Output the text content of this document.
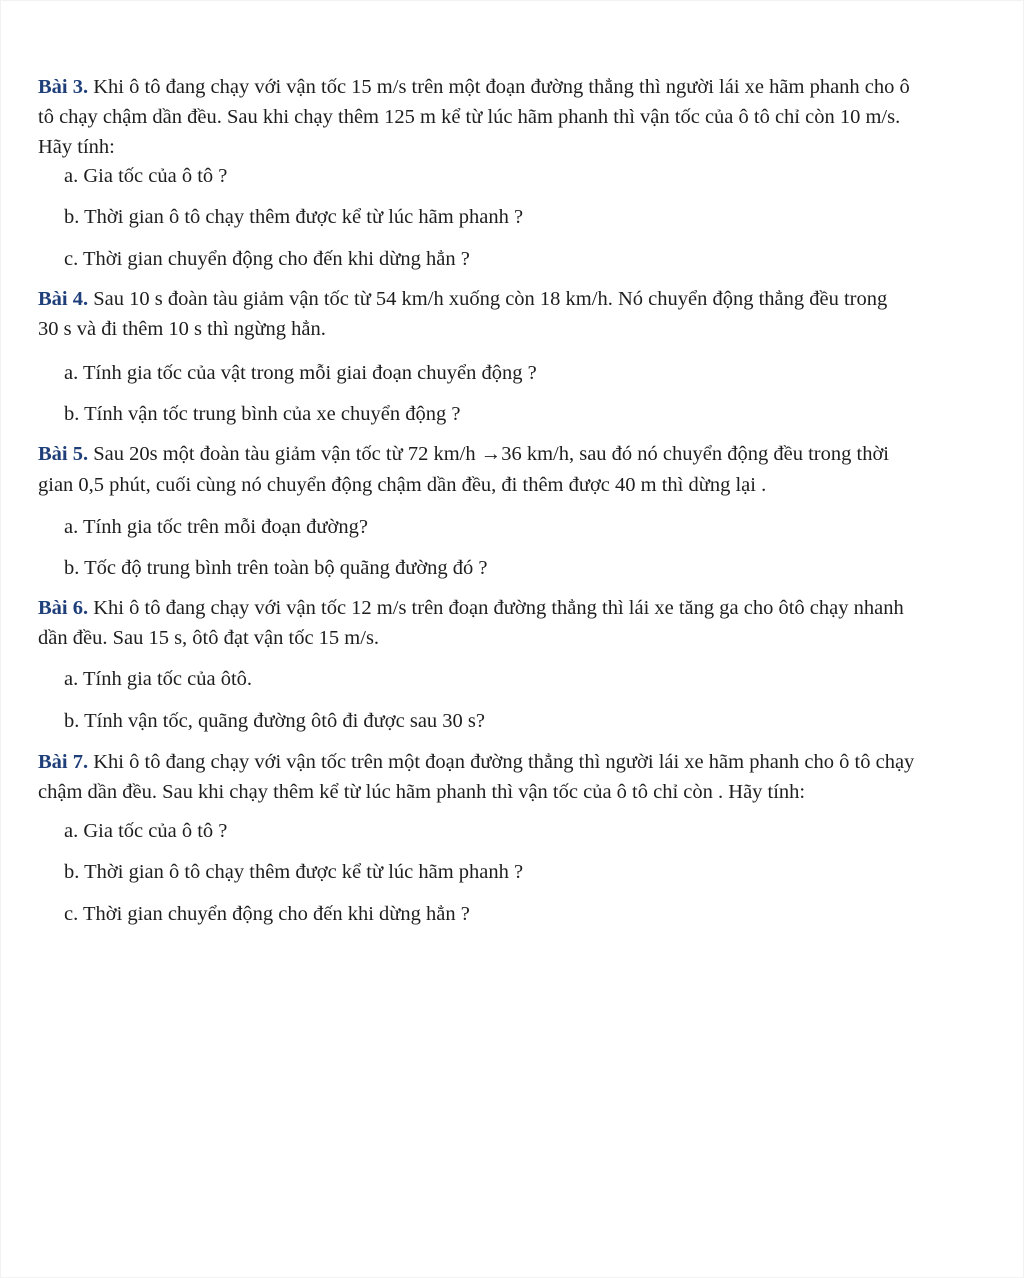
Bài 3. Khi ô tô đang chạy với vận tốc 15 m/s trên một đoạn đường thẳng thì người lái xe hãm phanh cho ô
tô chạy chậm dần đều. Sau khi chạy thêm 125 m kể từ lúc hãm phanh thì vận tốc của ô tô chỉ còn 10 m/s.
Hãy tính:
a. Gia tốc của ô tô ?
b. Thời gian ô tô chạy thêm được kể từ lúc hãm phanh ?
c. Thời gian chuyển động cho đến khi dừng hẳn ?
Bài 4. Sau 10 s đoàn tàu giảm vận tốc từ 54 km/h xuống còn 18 km/h. Nó chuyển động thẳng đều trong
30 s và đi thêm 10 s thì ngừng hẳn.
a. Tính gia tốc của vật trong mỗi giai đoạn chuyển động ?
b. Tính vận tốc trung bình của xe chuyển động ?
Bài 5. Sau 20s một đoàn tàu giảm vận tốc từ 72 km/h →36 km/h, sau đó nó chuyển động đều trong thời
gian 0,5 phút, cuối cùng nó chuyển động chậm dần đều, đi thêm được 40 m thì dừng lại .
a. Tính gia tốc trên mỗi đoạn đường?
b. Tốc độ trung bình trên toàn bộ quãng đường đó ?
Bài 6. Khi ô tô đang chạy với vận tốc 12 m/s trên đoạn đường thẳng thì lái xe tăng ga cho ôtô chạy nhanh
dần đều. Sau 15 s, ôtô đạt vận tốc 15 m/s.
a. Tính gia tốc của ôtô.
b. Tính vận tốc, quãng đường ôtô đi được sau 30 s?
Bài 7. Khi ô tô đang chạy với vận tốc trên một đoạn đường thẳng thì người lái xe hãm phanh cho ô tô chạy
chậm dần đều. Sau khi chạy thêm kể từ lúc hãm phanh thì vận tốc của ô tô chỉ còn . Hãy tính:
a. Gia tốc của ô tô ?
b. Thời gian ô tô chạy thêm được kể từ lúc hãm phanh ?
c. Thời gian chuyển động cho đến khi dừng hẳn ?
